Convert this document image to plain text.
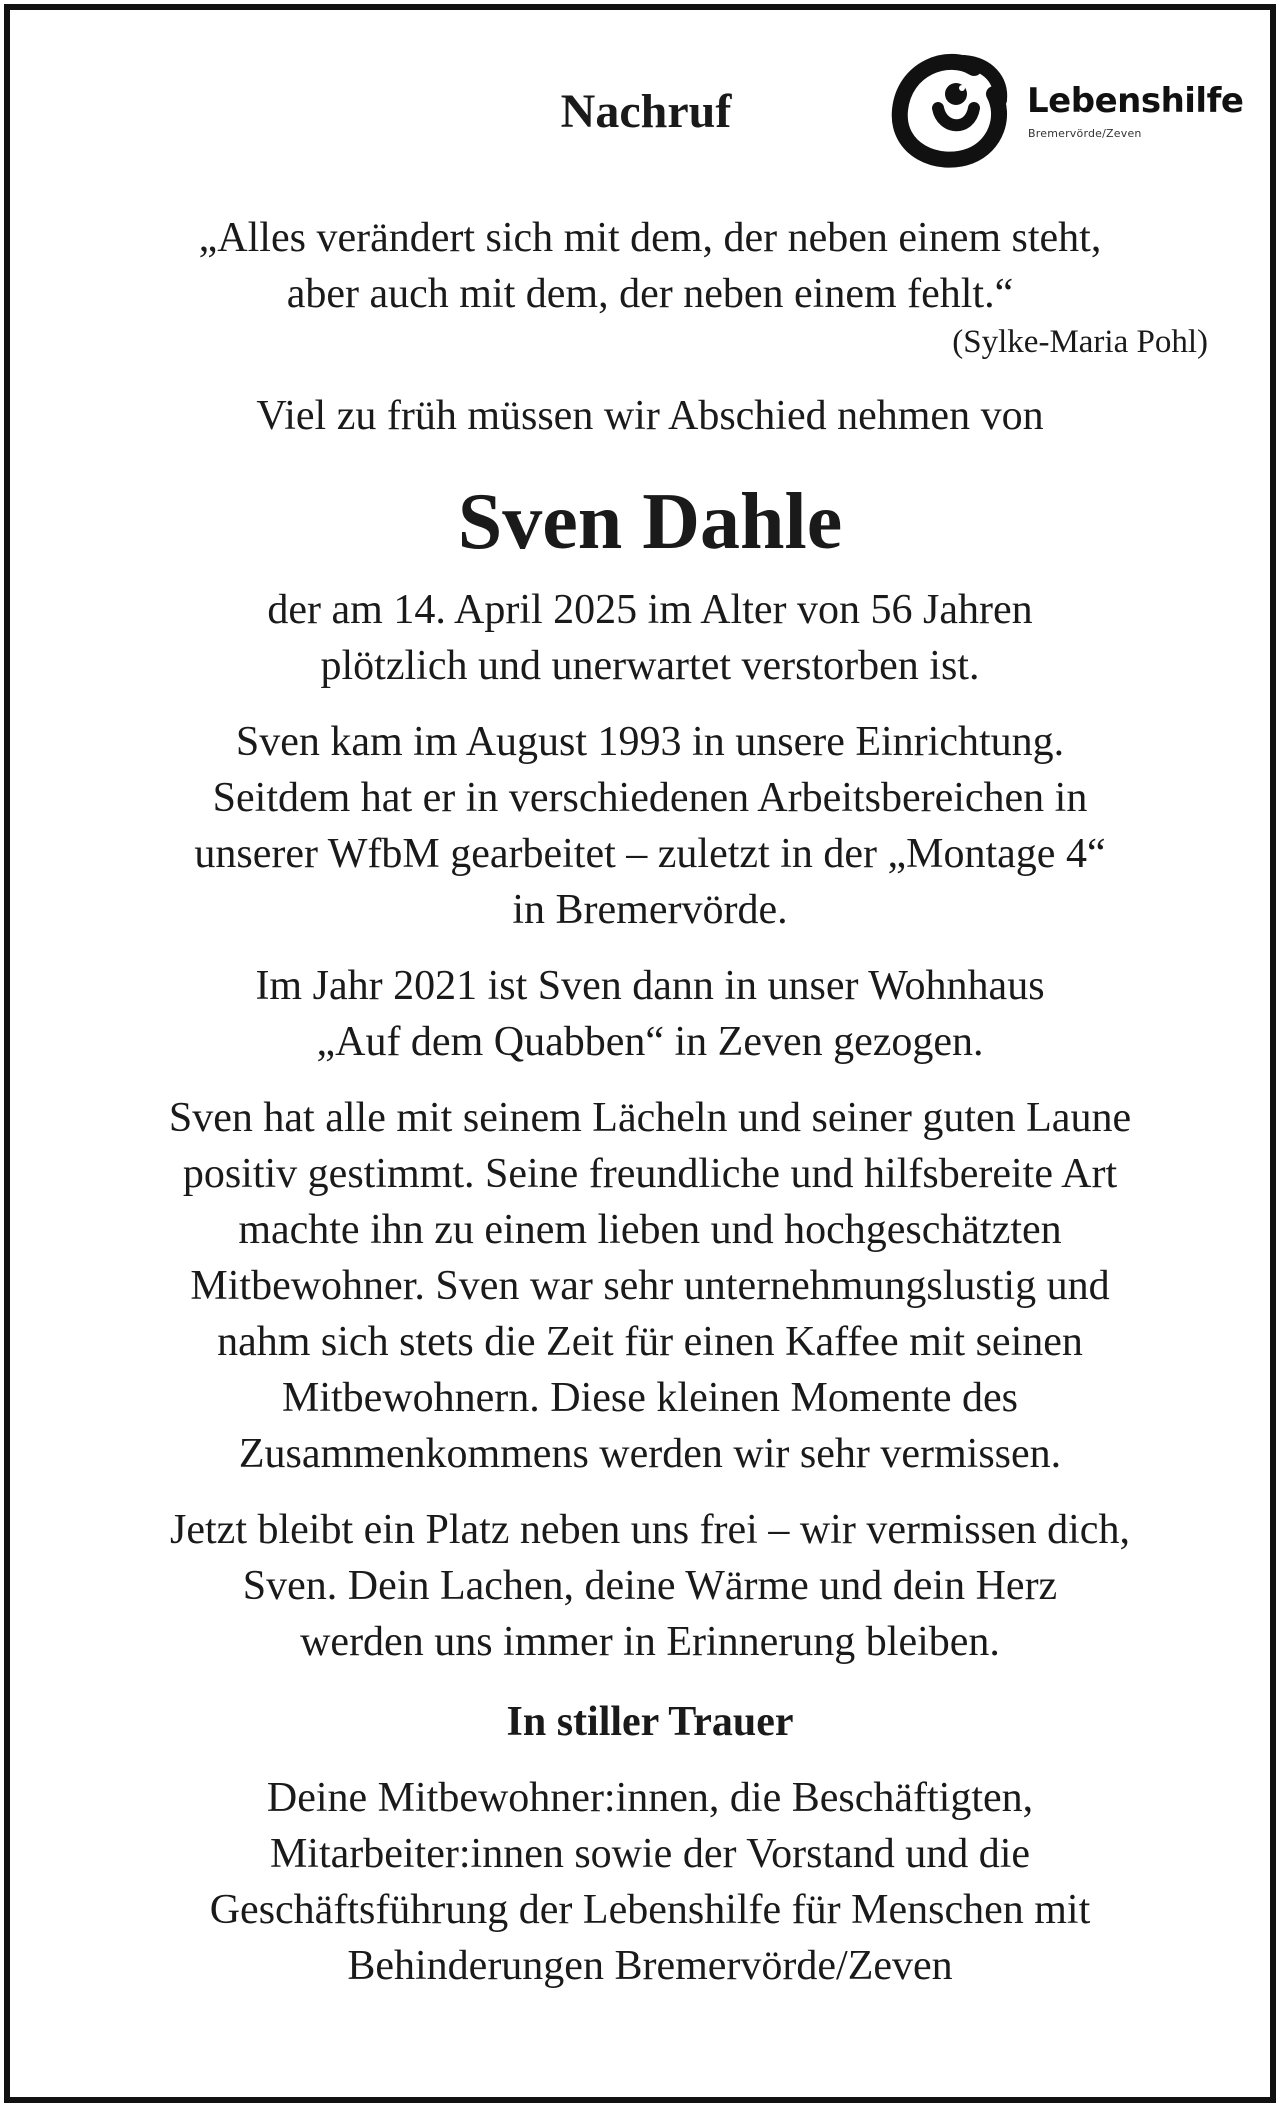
Nachruf	Lebenshilfe
Bremervörde/Zeven

„Alles verändert sich mit dem, der neben einem steht,
aber auch mit dem, der neben einem fehlt.“

(Sylke-Maria Pohl)

Viel zu früh müssen wir Abschied nehmen von

Sven Dahle

der am 14. April 2025 im Alter von 56 Jahren
plötzlich und unerwartet verstorben ist.

Sven kam im August 1993 in unsere Einrichtung.
Seitdem hat er in verschiedenen Arbeitsbereichen in
unserer WfbM gearbeitet – zuletzt in der „Montage 4“
in Bremervörde.

Im Jahr 2021 ist Sven dann in unser Wohnhaus
„Auf dem Quabben“ in Zeven gezogen.

Sven hat alle mit seinem Lächeln und seiner guten Laune
positiv gestimmt. Seine freundliche und hilfsbereite Art
machte ihn zu einem lieben und hochgeschätzten
Mitbewohner. Sven war sehr unternehmungslustig und
nahm sich stets die Zeit für einen Kaffee mit seinen
Mitbewohnern. Diese kleinen Momente des
Zusammenkommens werden wir sehr vermissen.

Jetzt bleibt ein Platz neben uns frei – wir vermissen dich,
Sven. Dein Lachen, deine Wärme und dein Herz
werden uns immer in Erinnerung bleiben.

In stiller Trauer

Deine Mitbewohner:innen, die Beschäftigten,
Mitarbeiter:innen sowie der Vorstand und die
Geschäftsführung der Lebenshilfe für Menschen mit
Behinderungen Bremervörde/Zeven
